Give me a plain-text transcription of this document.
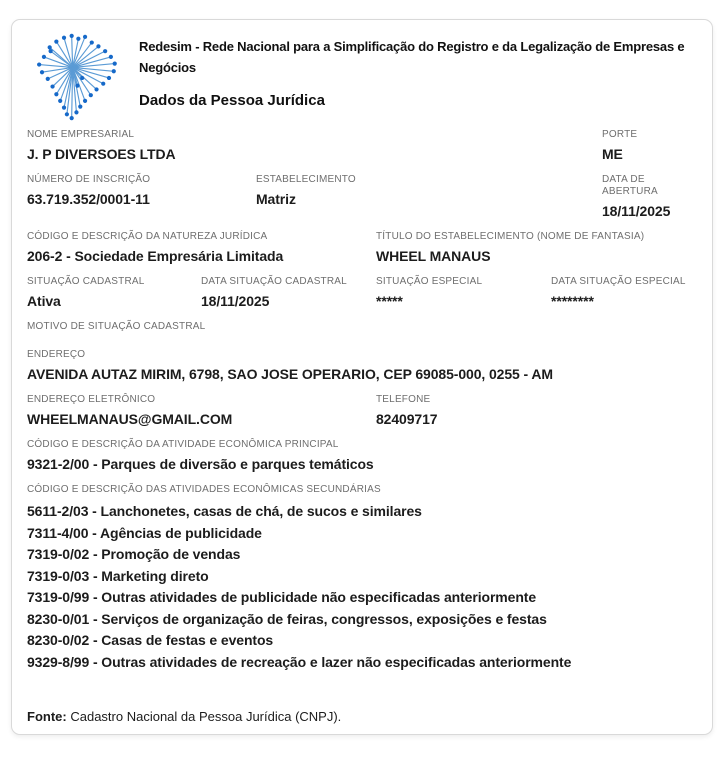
Redesim - Rede Nacional para a Simplificação do Registro e da Legalização de Empresas e Negócios
Dados da Pessoa Jurídica
NOME EMPRESARIAL
J. P DIVERSOES LTDA
PORTE
ME
NÚMERO DE INSCRIÇÃO
63.719.352/0001-11
ESTABELECIMENTO
Matriz
DATA DE ABERTURA
18/11/2025
CÓDIGO E DESCRIÇÃO DA NATUREZA JURÍDICA
206-2 - Sociedade Empresária Limitada
TÍTULO DO ESTABELECIMENTO (NOME DE FANTASIA)
WHEEL MANAUS
SITUAÇÃO CADASTRAL
Ativa
DATA SITUAÇÃO CADASTRAL
18/11/2025
SITUAÇÃO ESPECIAL
*****
DATA SITUAÇÃO ESPECIAL
********
MOTIVO DE SITUAÇÃO CADASTRAL
ENDEREÇO
AVENIDA AUTAZ MIRIM, 6798, SAO JOSE OPERARIO, CEP 69085-000, 0255 - AM
ENDEREÇO ELETRÔNICO
WHEELMANAUS@GMAIL.COM
TELEFONE
82409717
CÓDIGO E DESCRIÇÃO DA ATIVIDADE ECONÔMICA PRINCIPAL
9321-2/00 - Parques de diversão e parques temáticos
CÓDIGO E DESCRIÇÃO DAS ATIVIDADES ECONÔMICAS SECUNDÁRIAS
5611-2/03 - Lanchonetes, casas de chá, de sucos e similares
7311-4/00 - Agências de publicidade
7319-0/02 - Promoção de vendas
7319-0/03 - Marketing direto
7319-0/99 - Outras atividades de publicidade não especificadas anteriormente
8230-0/01 - Serviços de organização de feiras, congressos, exposições e festas
8230-0/02 - Casas de festas e eventos
9329-8/99 - Outras atividades de recreação e lazer não especificadas anteriormente
Fonte: Cadastro Nacional da Pessoa Jurídica (CNPJ).
